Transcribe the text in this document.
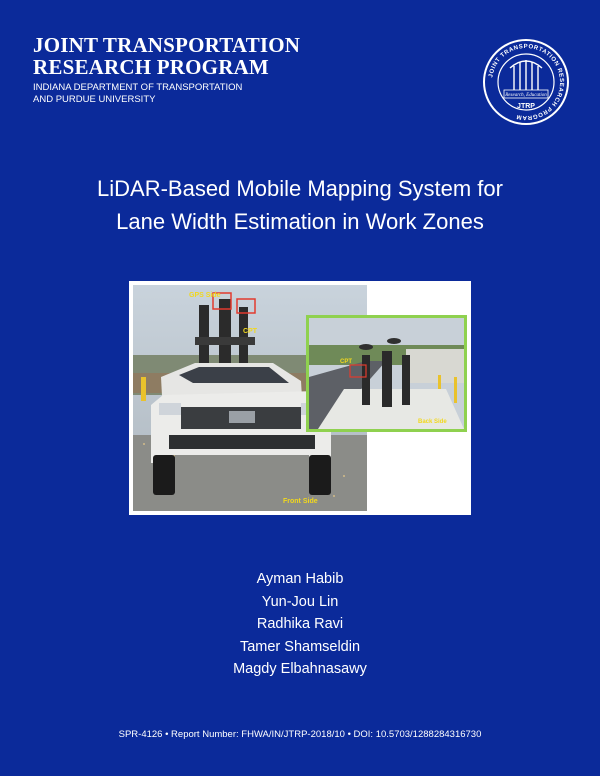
JOINT TRANSPORTATION
RESEARCH PROGRAM
INDIANA DEPARTMENT OF TRANSPORTATION
AND PURDUE UNIVERSITY
JOINT TRANSPORTATION RESEARCH PROGRAM
Research, Education
JTRP
LiDAR-Based Mobile Mapping System for
Lane Width Estimation in Work Zones
GPS Side
CPT
Front Side
CPT
Back Side
Ayman Habib
Yun-Jou Lin
Radhika Ravi
Tamer Shamseldin
Magdy Elbahnasawy
SPR-4126 • Report Number: FHWA/IN/JTRP-2018/10 • DOI: 10.5703/1288284316730
